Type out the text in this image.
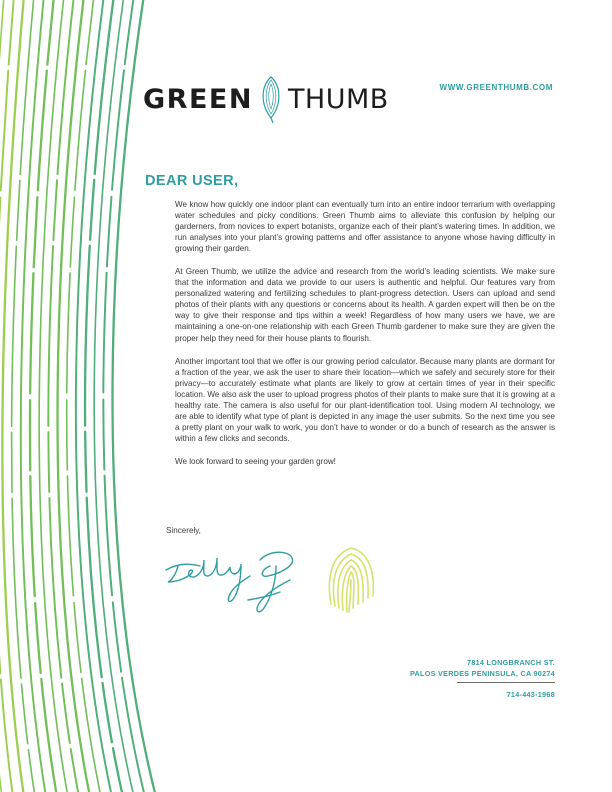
GREEN THUMB	WWW.GREENTHUMB.COM
DEAR USER,

We know how quickly one indoor plant can eventually turn into an entire indoor terrarium with overlapping water schedules and picky conditions. Green Thumb aims to alleviate this confusion by helping our garderners, from novices to expert botanists, organize each of their plant’s watering times. In addition, we run analyses into your plant’s growing patterns and offer assistance to anyone whose having difficulty in growing their garden.

At Green Thumb, we utilize the advice and research from the world’s leading scientists. We make sure that the information and data we provide to our users is authentic and helpful. Our features vary from personalized watering and fertilizing schedules to plant-progress detection. Users can upload and send photos of their plants with any questions or concerns about its health. A garden expert will then be on the way to give their response and tips within a week! Regardless of how many users we have, we are maintaining a one-on-one relationship with each Green Thumb gardener to make sure they are given the proper help they need for their house plants to flourish.

Another important tool that we offer is our growing period calculator. Because many plants are dormant for a fraction of the year, we ask the user to share their location—which we safely and securely store for their privacy—to accurately estimate what plants are likely to grow at certain times of year in their specific location. We also ask the user to upload progress photos of their plants to make sure that it is growing at a healthy rate. The camera is also useful for our plant-identification tool. Using modern AI technology, we are able to identify what type of plant is depicted in any image the user submits. So the next time you see a pretty plant on your walk to work, you don’t have to wonder or do a bunch of research as the answer is within a few clicks and seconds.

We look forward to seeing your garden grow!

Sincerely,
7814 LONGBRANCH ST.
PALOS VERDES PENINSULA, CA 90274
714-443-1968
